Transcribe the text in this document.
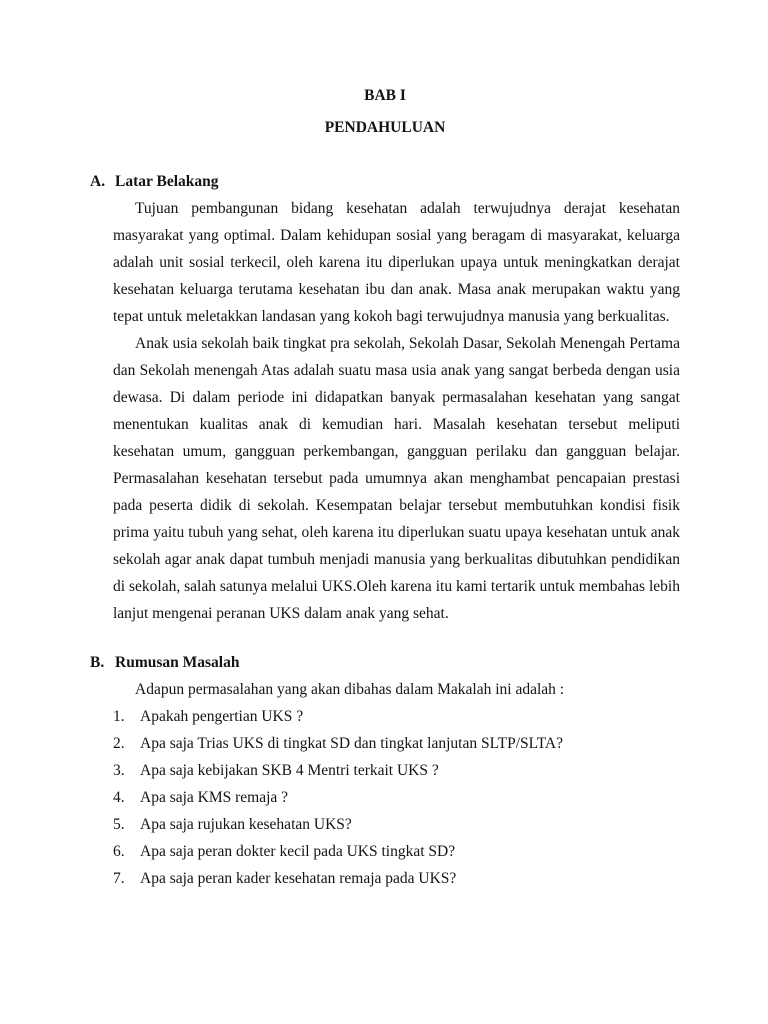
BAB I
PENDAHULUAN
A. Latar Belakang

Tujuan pembangunan bidang kesehatan adalah terwujudnya derajat kesehatan masyarakat yang optimal. Dalam kehidupan sosial yang beragam di masyarakat, keluarga adalah unit sosial terkecil, oleh karena itu diperlukan upaya untuk meningkatkan derajat kesehatan keluarga terutama kesehatan ibu dan anak. Masa anak merupakan waktu yang tepat untuk meletakkan landasan yang kokoh bagi terwujudnya manusia yang berkualitas.

Anak usia sekolah baik tingkat pra sekolah, Sekolah Dasar, Sekolah Menengah Pertama dan Sekolah menengah Atas adalah suatu masa usia anak yang sangat berbeda dengan usia dewasa. Di dalam periode ini didapatkan banyak permasalahan kesehatan yang sangat menentukan kualitas anak di kemudian hari. Masalah kesehatan tersebut meliputi kesehatan umum, gangguan perkembangan, gangguan perilaku dan gangguan belajar. Permasalahan kesehatan tersebut pada umumnya akan menghambat pencapaian prestasi pada peserta didik di sekolah. Kesempatan belajar tersebut membutuhkan kondisi fisik prima yaitu tubuh yang sehat, oleh karena itu diperlukan suatu upaya kesehatan untuk anak sekolah agar anak dapat tumbuh menjadi manusia yang berkualitas dibutuhkan pendidikan di sekolah, salah satunya melalui UKS.Oleh karena itu kami tertarik untuk membahas lebih lanjut mengenai peranan UKS dalam anak yang sehat.

B. Rumusan Masalah

Adapun permasalahan yang akan dibahas dalam Makalah ini adalah :

1. Apakah pengertian UKS ?
2. Apa saja Trias UKS di tingkat SD dan tingkat lanjutan SLTP/SLTA?
3. Apa saja kebijakan SKB 4 Mentri terkait UKS ?
4. Apa saja KMS remaja ?
5. Apa saja rujukan kesehatan UKS?
6. Apa saja peran dokter kecil pada UKS tingkat SD?
7. Apa saja peran kader kesehatan remaja pada UKS?
